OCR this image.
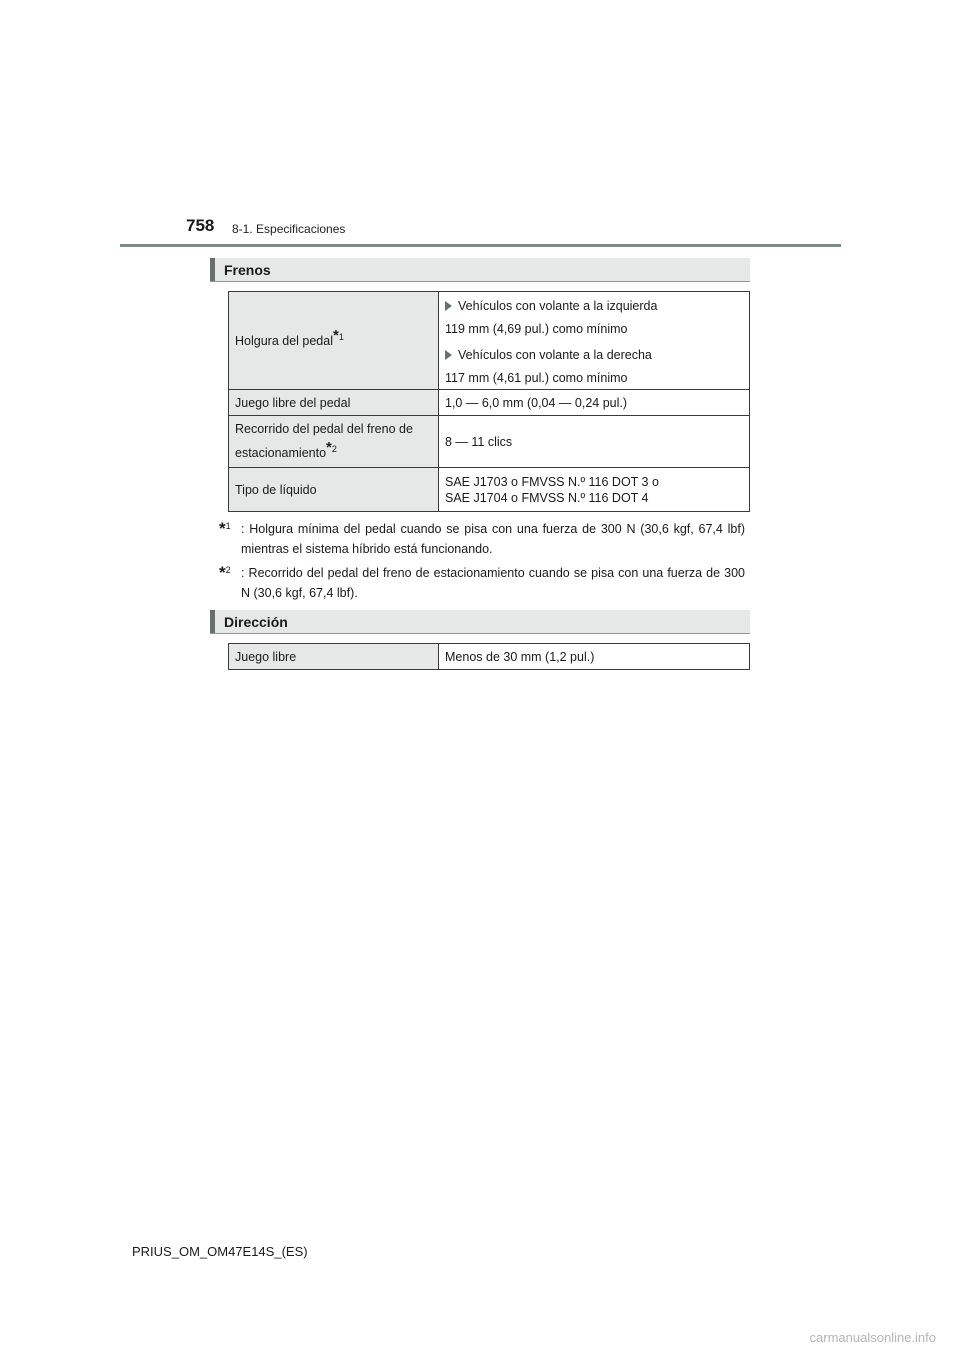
758 8-1. Especificaciones
Frenos
Holgura del pedal*$^1$	Vehículos con volante a la izquierda
119 mm (4,69 pul.) como mínimo
Vehículos con volante a la derecha
117 mm (4,61 pul.) como mínimo

Juego libre del pedal	1,0 — 6,0 mm (0,04 — 0,24 pul.)
Recorrido del pedal del freno de estacionamiento*$^2$	8 — 11 clics
Tipo de líquido	SAE J1703 o FMVSS N.º 116 DOT 3 o
SAE J1704 o FMVSS N.º 116 DOT 4
*$^1$ : Holgura mínima del pedal cuando se pisa con una fuerza de 300 N (30,6 kgf, 67,4 lbf) mientras el sistema híbrido está funcionando.
*$^2$ : Recorrido del pedal del freno de estacionamiento cuando se pisa con una fuerza de 300 N (30,6 kgf, 67,4 lbf).
Dirección
Juego libre	Menos de 30 mm (1,2 pul.)
PRIUS_OM_OM47E14S_(ES)
carmanualsonline.info
